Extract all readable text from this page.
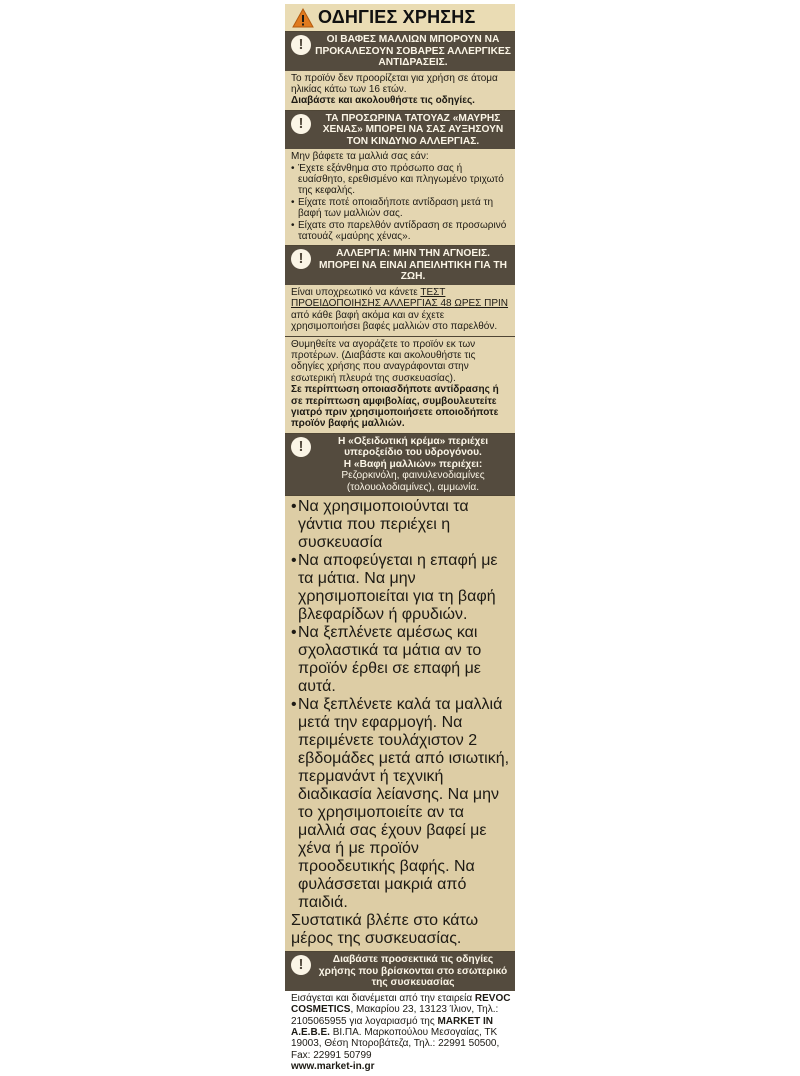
ΟΔΗΓΙΕΣ ΧΡΗΣΗΣ
!	ΟΙ ΒΑΦΕΣ ΜΑΛΛΙΩΝ ΜΠΟΡΟΥΝ ΝΑ ΠΡΟΚΑΛΕΣΟΥΝ ΣΟΒΑΡΕΣ ΑΛΛΕΡΓΙΚΕΣ ΑΝΤΙΔΡΑΣΕΙΣ.

Το προϊόν δεν προορίζεται για χρήση σε άτομα ηλικίας κάτω των 16 ετών.

Διαβάστε και ακολουθήστε τις οδηγίες.

!	ΤΑ ΠΡΟΣΩΡΙΝΑ ΤΑΤΟΥΑΖ «ΜΑΥΡΗΣ ΧΕΝΑΣ» ΜΠΟΡΕΙ ΝΑ ΣΑΣ ΑΥΞΗΣΟΥΝ ΤΟΝ ΚΙΝΔΥΝΟ ΑΛΛΕΡΓΙΑΣ.

Μην βάφετε τα μαλλιά σας εάν:

• Έχετε εξάνθημα στο πρόσωπο σας ή ευαίσθητο, ερεθισμένο και πληγωμένο τριχωτό της κεφαλής.
• Είχατε ποτέ οποιαδήποτε αντίδραση μετά τη βαφή των μαλλιών σας.
• Είχατε στο παρελθόν αντίδραση σε προσωρινό τατουάζ «μαύρης χένας».
!	ΑΛΛΕΡΓΙΑ: ΜΗΝ ΤΗΝ ΑΓΝΟΕΙΣ. ΜΠΟΡΕΙ ΝΑ ΕΙΝΑΙ ΑΠΕΙΛΗΤΙΚΗ ΓΙΑ ΤΗ ΖΩΗ.

Είναι υποχρεωτικό να κάνετε ΤΕΣΤ ΠΡΟΕΙΔΟΠΟΙΗΣΗΣ ΑΛΛΕΡΓΙΑΣ 48 ΩΡΕΣ ΠΡΙΝ από κάθε βαφή ακόμα και αν έχετε χρησιμοποιήσει βαφές μαλλιών στο παρελθόν.

Θυμηθείτε να αγοράζετε το προϊόν εκ των προτέρων. (Διαβάστε και ακολουθήστε τις οδηγίες χρήσης που αναγράφονται στην εσωτερική πλευρά της συσκευασίας).

Σε περίπτωση οποιασδήποτε αντίδρασης ή σε περίπτωση αμφιβολίας, συμβουλευτείτε γιατρό πριν χρησιμοποιήσετε οποιοδήποτε προϊόν βαφής μαλλιών.

!	Η «Οξειδωτική κρέμα» περιέχει υπεροξείδιο του υδρογόνου.
Η «Βαφή μαλλιών» περιέχει:
Ρεζορκινόλη, φαινυλενοδιαμίνες (τολουολοδιαμίνες), αμμωνία.
• Να χρησιμοποιούνται τα γάντια που περιέχει η συσκευασία
• Να αποφεύγεται η επαφή με τα μάτια. Να μην χρησιμοποιείται για τη βαφή βλεφαρίδων ή φρυδιών.
• Να ξεπλένετε αμέσως και σχολαστικά τα μάτια αν το προϊόν έρθει σε επαφή με αυτά.
• Να ξεπλένετε καλά τα μαλλιά μετά την εφαρμογή. Να περιμένετε τουλάχιστον 2 εβδομάδες μετά από ισιωτική, περμανάντ ή τεχνική διαδικασία λείανσης. Να μην το χρησιμοποιείτε αν τα μαλλιά σας έχουν βαφεί με χένα ή με προϊόν προοδευτικής βαφής. Να φυλάσσεται μακριά από παιδιά.
Συστατικά βλέπε στο κάτω μέρος της συσκευασίας.
!	Διαβάστε προσεκτικά τις οδηγίες χρήσης που βρίσκονται στο εσωτερικό της συσκευασίας

Εισάγεται και διανέμεται από την εταιρεία REVOC COSMETICS, Μακαρίου 23, 13123 Ίλιον, Τηλ.: 2105065955 για λογαριασμό της MARKET IN A.E.B.E. ΒΙ.ΠΑ. Μαρκοπούλου Μεσογαίας, ΤΚ 19003, Θέση Ντοροβάτεζα, Τηλ.: 22991 50500, Fax: 22991 50799

www.market-in.gr
